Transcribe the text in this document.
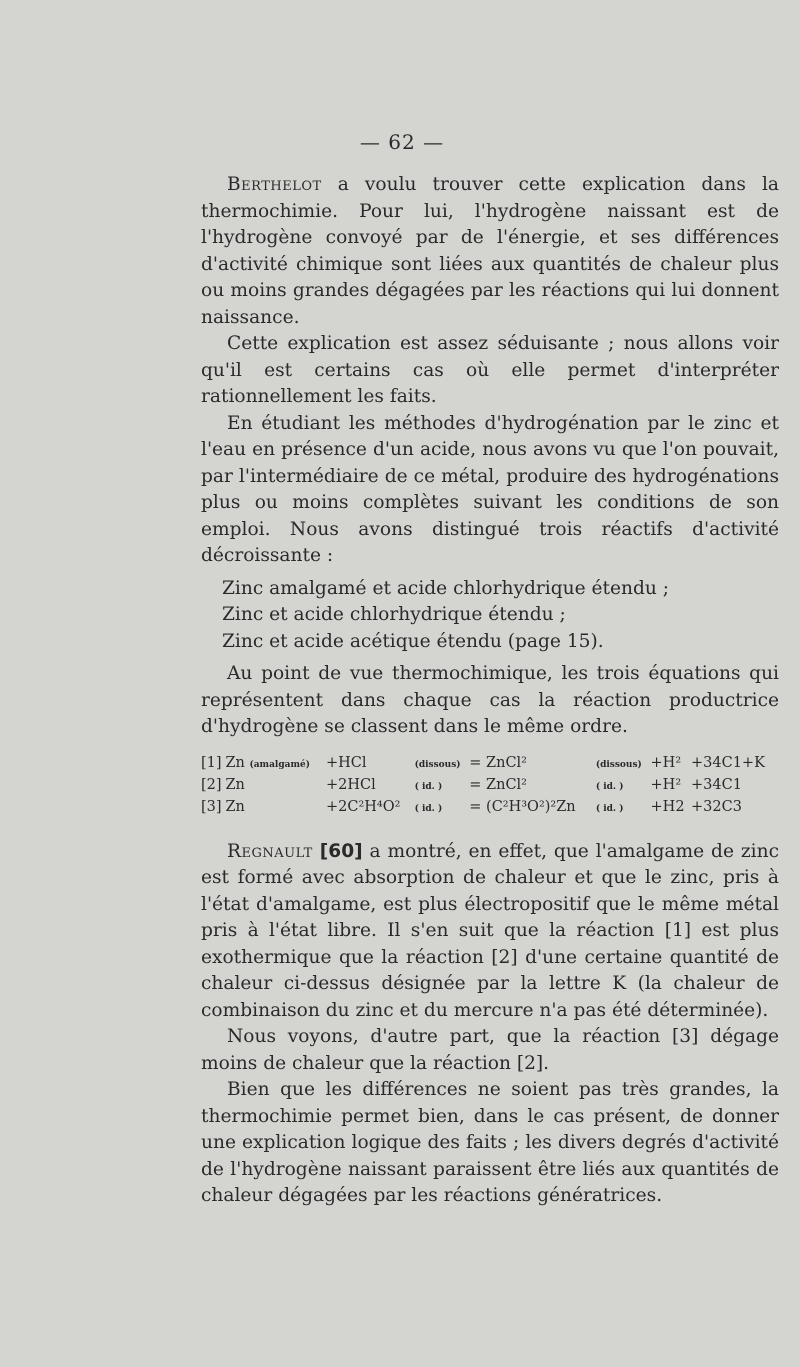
— 62 —

Berthelot a voulu trouver cette explication dans la thermochimie. Pour lui, l'hydrogène naissant est de l'hydrogène convoyé par de l'énergie, et ses différences d'activité chimique sont liées aux quantités de chaleur plus ou moins grandes dégagées par les réactions qui lui donnent naissance.

Cette explication est assez séduisante ; nous allons voir qu'il est certains cas où elle permet d'interpréter rationnellement les faits.

En étudiant les méthodes d'hydrogénation par le zinc et l'eau en présence d'un acide, nous avons vu que l'on pouvait, par l'intermédiaire de ce métal, produire des hydrogénations plus ou moins complètes suivant les conditions de son emploi. Nous avons distingué trois réactifs d'activité décroissante :

Zinc amalgamé et acide chlorhydrique étendu ;
Zinc et acide chlorhydrique étendu ;
Zinc et acide acétique étendu (page 15).

Au point de vue thermochimique, les trois équations qui représentent dans chaque cas la réaction productrice d'hydrogène se classent dans le même ordre.

[1]	Zn (amalgamé)	+HCl	(dissous)	= ZnCl²	(dissous)	+H²	+34C1+K
[2]	Zn	+2HCl	( id. )	= ZnCl²	( id. )	+H²	+34C1
[3]	Zn	+2C²H⁴O²	( id. )	= (C²H³O²)²Zn	( id. )	+H2	+32C3

Regnault [60] a montré, en effet, que l'amalgame de zinc est formé avec absorption de chaleur et que le zinc, pris à l'état d'amalgame, est plus électropositif que le même métal pris à l'état libre. Il s'en suit que la réaction [1] est plus exothermique que la réaction [2] d'une certaine quantité de chaleur ci-dessus désignée par la lettre K (la chaleur de combinaison du zinc et du mercure n'a pas été déterminée).

Nous voyons, d'autre part, que la réaction [3] dégage moins de chaleur que la réaction [2].

Bien que les différences ne soient pas très grandes, la thermochimie permet bien, dans le cas présent, de donner une explication logique des faits ; les divers degrés d'activité de l'hydrogène naissant paraissent être liés aux quantités de chaleur dégagées par les réactions génératrices.
